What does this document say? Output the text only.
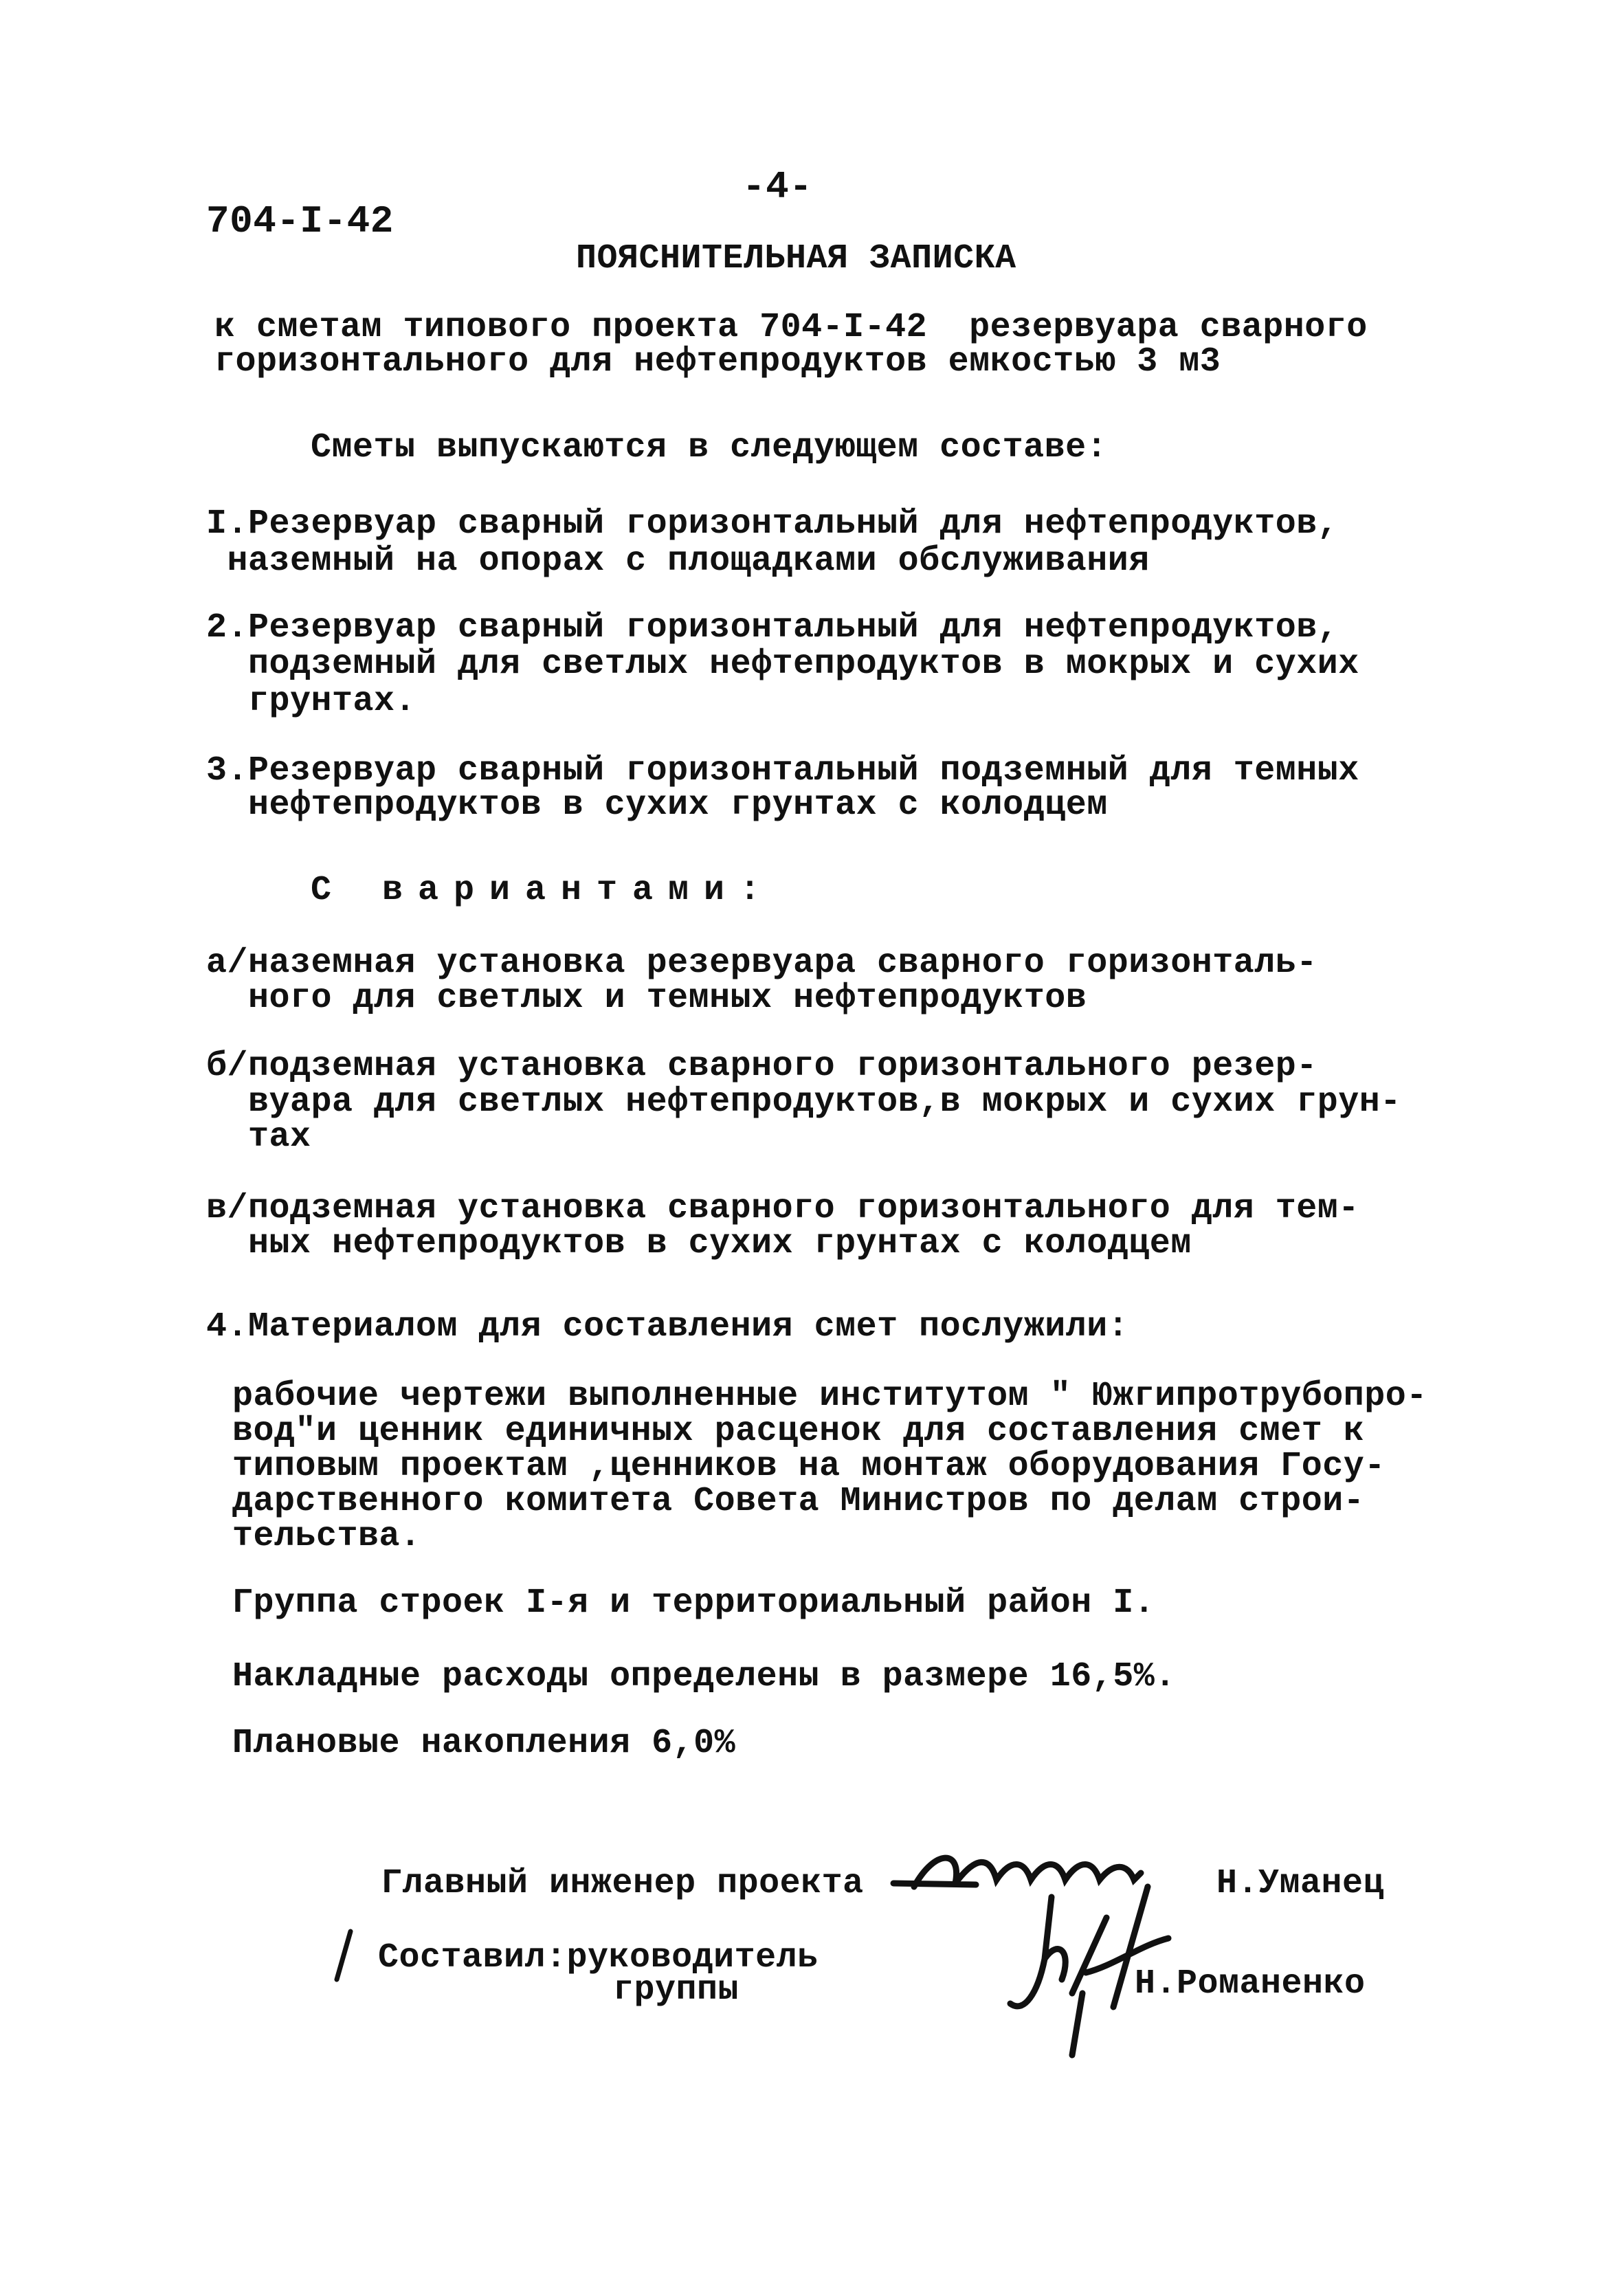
-4-
704-I-42
ПОЯСНИТЕЛЬНАЯ ЗАПИСКА
к сметам типового проекта 704-I-42  резервуара сварного
горизонтального для нефтепродуктов емкостью 3 м3
Сметы выпускаются в следующем составе:
I.Резервуар сварный горизонтальный для нефтепродуктов,
наземный на опорах с площадками обслуживания
2.Резервуар сварный горизонтальный для нефтепродуктов,
подземный для светлых нефтепродуктов в мокрых и сухих
грунтах.
3.Резервуар сварный горизонтальный подземный для темных
нефтепродуктов в сухих грунтах с колодцем
С вариантами:
а/наземная установка резервуара сварного горизонталь-
ного для светлых и темных нефтепродуктов
б/подземная установка сварного горизонтального резер-
вуара для светлых нефтепродуктов,в мокрых и сухих грун-
тах
в/подземная установка сварного горизонтального для тем-
ных нефтепродуктов в сухих грунтах с колодцем
4.Материалом для составления смет послужили:
рабочие чертежи выполненные институтом " Южгипротрубопро-
вод"и ценник единичных расценок для составления смет к
типовым проектам ,ценников на монтаж оборудования Госу-
дарственного комитета Совета Министров по делам строи-
тельства.
Группа строек I-я и территориальный район I.
Накладные расходы определены в размере 16,5%.
Плановые накопления 6,0%
Главный инженер проекта	Н.Уманец
Составил:руководитель
группы	Н.Романенко
